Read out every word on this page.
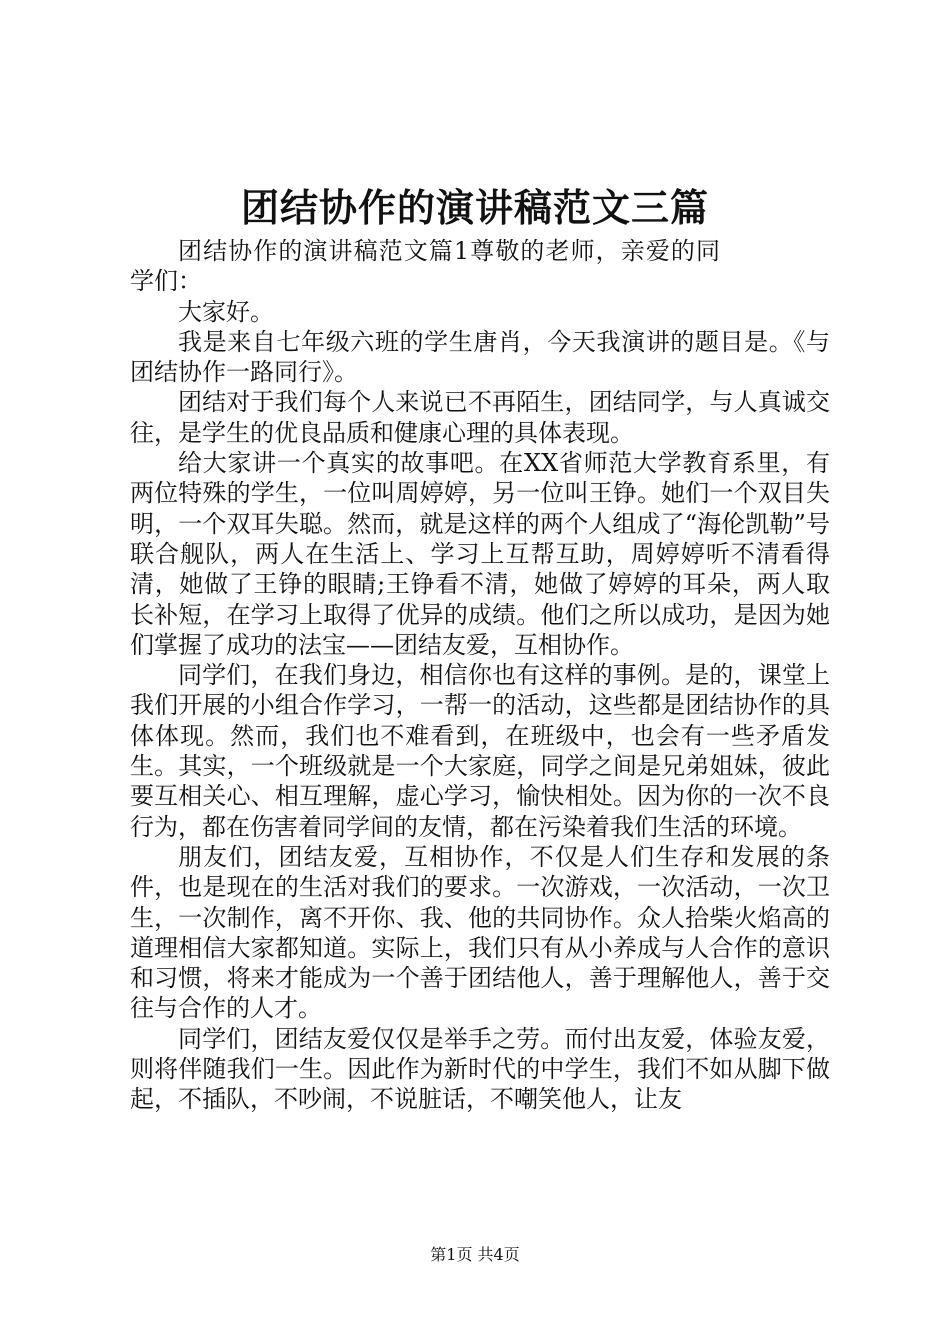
团结协作的演讲稿范文三篇

团结协作的演讲稿范文篇1尊敬的老师，亲爱的同学们：

大家好。

我是来自七年级六班的学生唐肖，今天我演讲的题目是。《与团结协作一路同行》。

团结对于我们每个人来说已不再陌生，团结同学，与人真诚交往，是学生的优良品质和健康心理的具体表现。

给大家讲一个真实的故事吧。在XX省师范大学教育系里，有两位特殊的学生，一位叫周婷婷，另一位叫王铮。她们一个双目失明，一个双耳失聪。然而，就是这样的两个人组成了“海伦凯勒”号联合舰队，两人在生活上、学习上互帮互助，周婷婷听不清看得清，她做了王铮的眼睛;王铮看不清，她做了婷婷的耳朵，两人取长补短，在学习上取得了优异的成绩。他们之所以成功，是因为她们掌握了成功的法宝——团结友爱，互相协作。

同学们，在我们身边，相信你也有这样的事例。是的，课堂上我们开展的小组合作学习，一帮一的活动，这些都是团结协作的具体体现。然而，我们也不难看到，在班级中，也会有一些矛盾发生。其实，一个班级就是一个大家庭，同学之间是兄弟姐妹，彼此要互相关心、相互理解，虚心学习，愉快相处。因为你的一次不良行为，都在伤害着同学间的友情，都在污染着我们生活的环境。

朋友们，团结友爱，互相协作，不仅是人们生存和发展的条件，也是现在的生活对我们的要求。一次游戏，一次活动，一次卫生，一次制作，离不开你、我、他的共同协作。众人拾柴火焰高的道理相信大家都知道。实际上，我们只有从小养成与人合作的意识和习惯，将来才能成为一个善于团结他人，善于理解他人，善于交往与合作的人才。

同学们，团结友爱仅仅是举手之劳。而付出友爱，体验友爱，则将伴随我们一生。因此作为新时代的中学生，我们不如从脚下做起，不插队，不吵闹，不说脏话，不嘲笑他人，让友

第1页 共4页
